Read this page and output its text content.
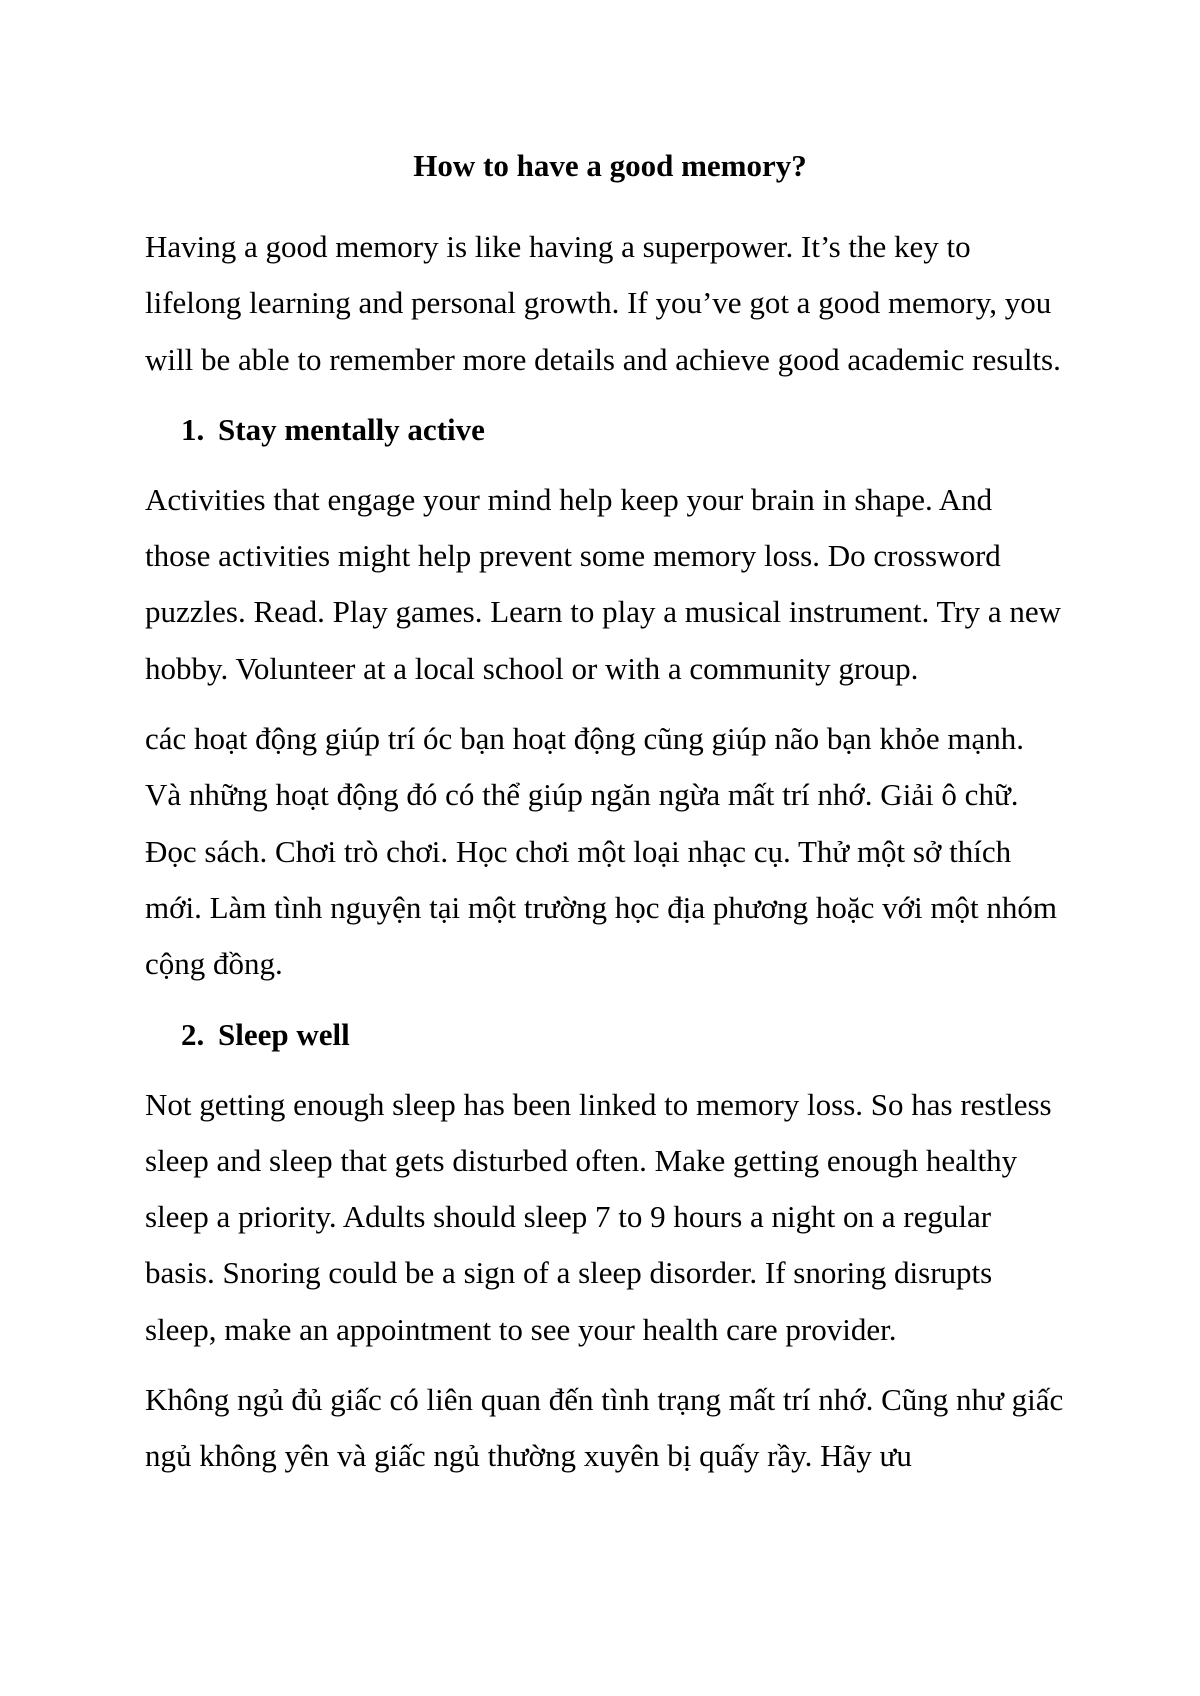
How to have a good memory?

Having a good memory is like having a superpower. It’s the key to lifelong learning and personal growth. If you’ve got a good memory, you will be able to remember more details and achieve good academic results.

1. Stay mentally active

Activities that engage your mind help keep your brain in shape. And those activities might help prevent some memory loss. Do crossword puzzles. Read. Play games. Learn to play a musical instrument. Try a new hobby. Volunteer at a local school or with a community group.

các hoạt động giúp trí óc bạn hoạt động cũng giúp não bạn khỏe mạnh. Và những hoạt động đó có thể giúp ngăn ngừa mất trí nhớ. Giải ô chữ. Đọc sách. Chơi trò chơi. Học chơi một loại nhạc cụ. Thử một sở thích mới. Làm tình nguyện tại một trường học địa phương hoặc với một nhóm cộng đồng.

2. Sleep well

Not getting enough sleep has been linked to memory loss. So has restless sleep and sleep that gets disturbed often. Make getting enough healthy sleep a priority. Adults should sleep 7 to 9 hours a night on a regular basis. Snoring could be a sign of a sleep disorder. If snoring disrupts sleep, make an appointment to see your health care provider.

Không ngủ đủ giấc có liên quan đến tình trạng mất trí nhớ. Cũng như giấc ngủ không yên và giấc ngủ thường xuyên bị quấy rầy. Hãy ưu
